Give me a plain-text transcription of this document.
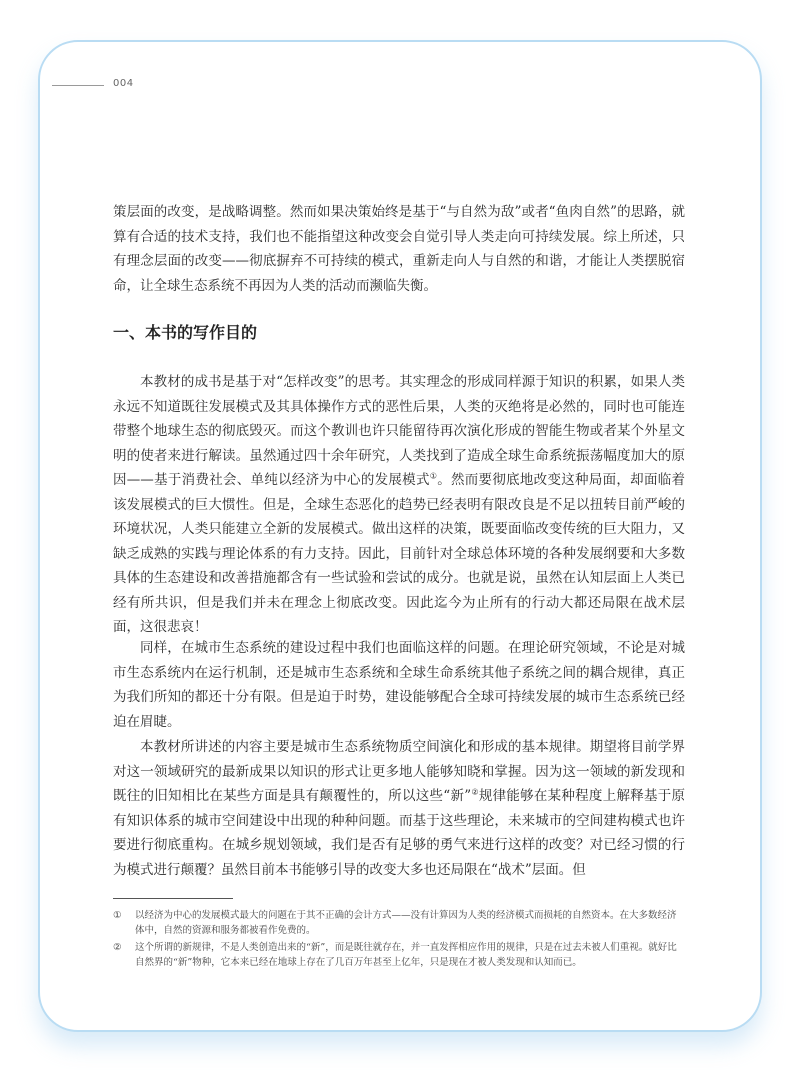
004

策层面的改变，是战略调整。然而如果决策始终是基于“与自然为敌”或者“鱼肉自然”的思路，就算有合适的技术支持，我们也不能指望这种改变会自觉引导人类走向可持续发展。综上所述，只有理念层面的改变——彻底摒弃不可持续的模式，重新走向人与自然的和谐，才能让人类摆脱宿命，让全球生态系统不再因为人类的活动而濒临失衡。

一、本书的写作目的

本教材的成书是基于对“怎样改变”的思考。其实理念的形成同样源于知识的积累，如果人类永远不知道既往发展模式及其具体操作方式的恶性后果，人类的灭绝将是必然的，同时也可能连带整个地球生态的彻底毁灭。而这个教训也许只能留待再次演化形成的智能生物或者某个外星文明的使者来进行解读。虽然通过四十余年研究，人类找到了造成全球生命系统振荡幅度加大的原因——基于消费社会、单纯以经济为中心的发展模式①。然而要彻底地改变这种局面，却面临着该发展模式的巨大惯性。但是，全球生态恶化的趋势已经表明有限改良是不足以扭转目前严峻的环境状况，人类只能建立全新的发展模式。做出这样的决策，既要面临改变传统的巨大阻力，又缺乏成熟的实践与理论体系的有力支持。因此，目前针对全球总体环境的各种发展纲要和大多数具体的生态建设和改善措施都含有一些试验和尝试的成分。也就是说，虽然在认知层面上人类已经有所共识，但是我们并未在理念上彻底改变。因此迄今为止所有的行动大都还局限在战术层面，这很悲哀！

同样，在城市生态系统的建设过程中我们也面临这样的问题。在理论研究领域，不论是对城市生态系统内在运行机制，还是城市生态系统和全球生命系统其他子系统之间的耦合规律，真正为我们所知的都还十分有限。但是迫于时势，建设能够配合全球可持续发展的城市生态系统已经迫在眉睫。

本教材所讲述的内容主要是城市生态系统物质空间演化和形成的基本规律。期望将目前学界对这一领域研究的最新成果以知识的形式让更多地人能够知晓和掌握。因为这一领域的新发现和既往的旧知相比在某些方面是具有颠覆性的，所以这些“新”②规律能够在某种程度上解释基于原有知识体系的城市空间建设中出现的种种问题。而基于这些理论，未来城市的空间建构模式也许要进行彻底重构。在城乡规划领域，我们是否有足够的勇气来进行这样的改变？对已经习惯的行为模式进行颠覆？虽然目前本书能够引导的改变大多也还局限在“战术”层面。但

①	以经济为中心的发展模式最大的问题在于其不正确的会计方式——没有计算因为人类的经济模式而损耗的自然资本。在大多数经济体中，自然的资源和服务都被看作免费的。
②	这个所谓的新规律，不是人类创造出来的“新”，而是既往就存在，并一直发挥相应作用的规律，只是在过去未被人们重视。就好比自然界的“新”物种，它本来已经在地球上存在了几百万年甚至上亿年，只是现在才被人类发现和认知而已。
